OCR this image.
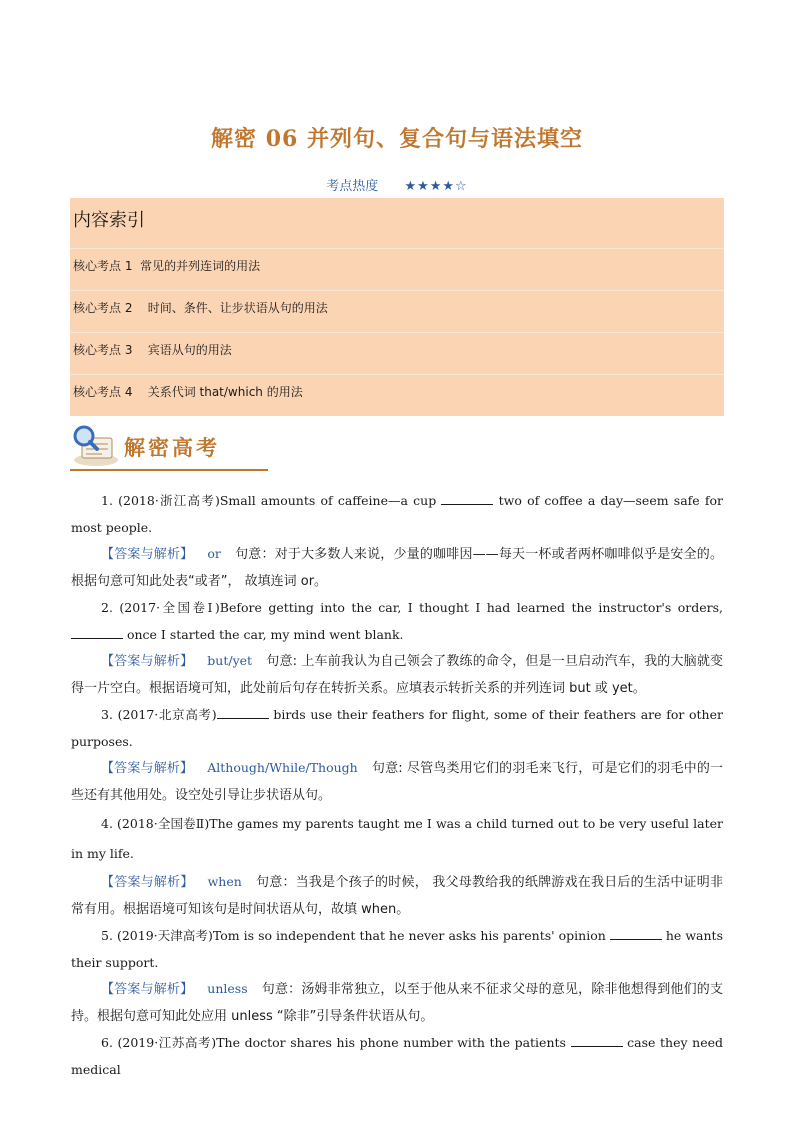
解密 06 并列句、复合句与语法填空
考点热度 ★★★★☆
内容索引
核心考点 1  常见的并列连词的用法
核心考点 2    时间、条件、让步状语从句的用法
核心考点 3    宾语从句的用法
核心考点 4    关系代词 that/which 的用法
解密高考

1. (2018·浙江高考)Small amounts of caffeine—a cup	two of coffee a day—seem safe for most people.

【答案与解析】 or 句意：对于大多数人来说，少量的咖啡因——每天一杯或者两杯咖啡似乎是安全的。根据句意可知此处表“或者”， 故填连词 or。

2. (2017·全国卷Ⅰ)Before getting into the car, I thought I had learned the instructor's orders,  once I started the car, my mind went blank.

【答案与解析】 but/yet 句意: 上车前我认为自己领会了教练的命令，但是一旦启动汽车，我的大脑就变得一片空白。根据语境可知，此处前后句存在转折关系。应填表示转折关系的并列连词 but 或 yet。

3. (2017·北京高考)	birds use their feathers for flight, some of their feathers are for other purposes.

【答案与解析】 Although/While/Though 句意: 尽管鸟类用它们的羽毛来飞行，可是它们的羽毛中的一些还有其他用处。设空处引导让步状语从句。

4. (2018·全国卷Ⅱ)The games my parents taught me I was a child turned out to be very useful later in my life.

【答案与解析】 when 句意：当我是个孩子的时候， 我父母教给我的纸牌游戏在我日后的生活中证明非常有用。根据语境可知该句是时间状语从句，故填 when。

5. (2019·天津高考)Tom is so independent that he never asks his parents' opinion	he wants their support.

【答案与解析】 unless 句意：汤姆非常独立，以至于他从来不征求父母的意见，除非他想得到他们的支持。根据句意可知此处应用 unless “除非”引导条件状语从句。

6. (2019·江苏高考)The doctor shares his phone number with the patients	case they need medical
